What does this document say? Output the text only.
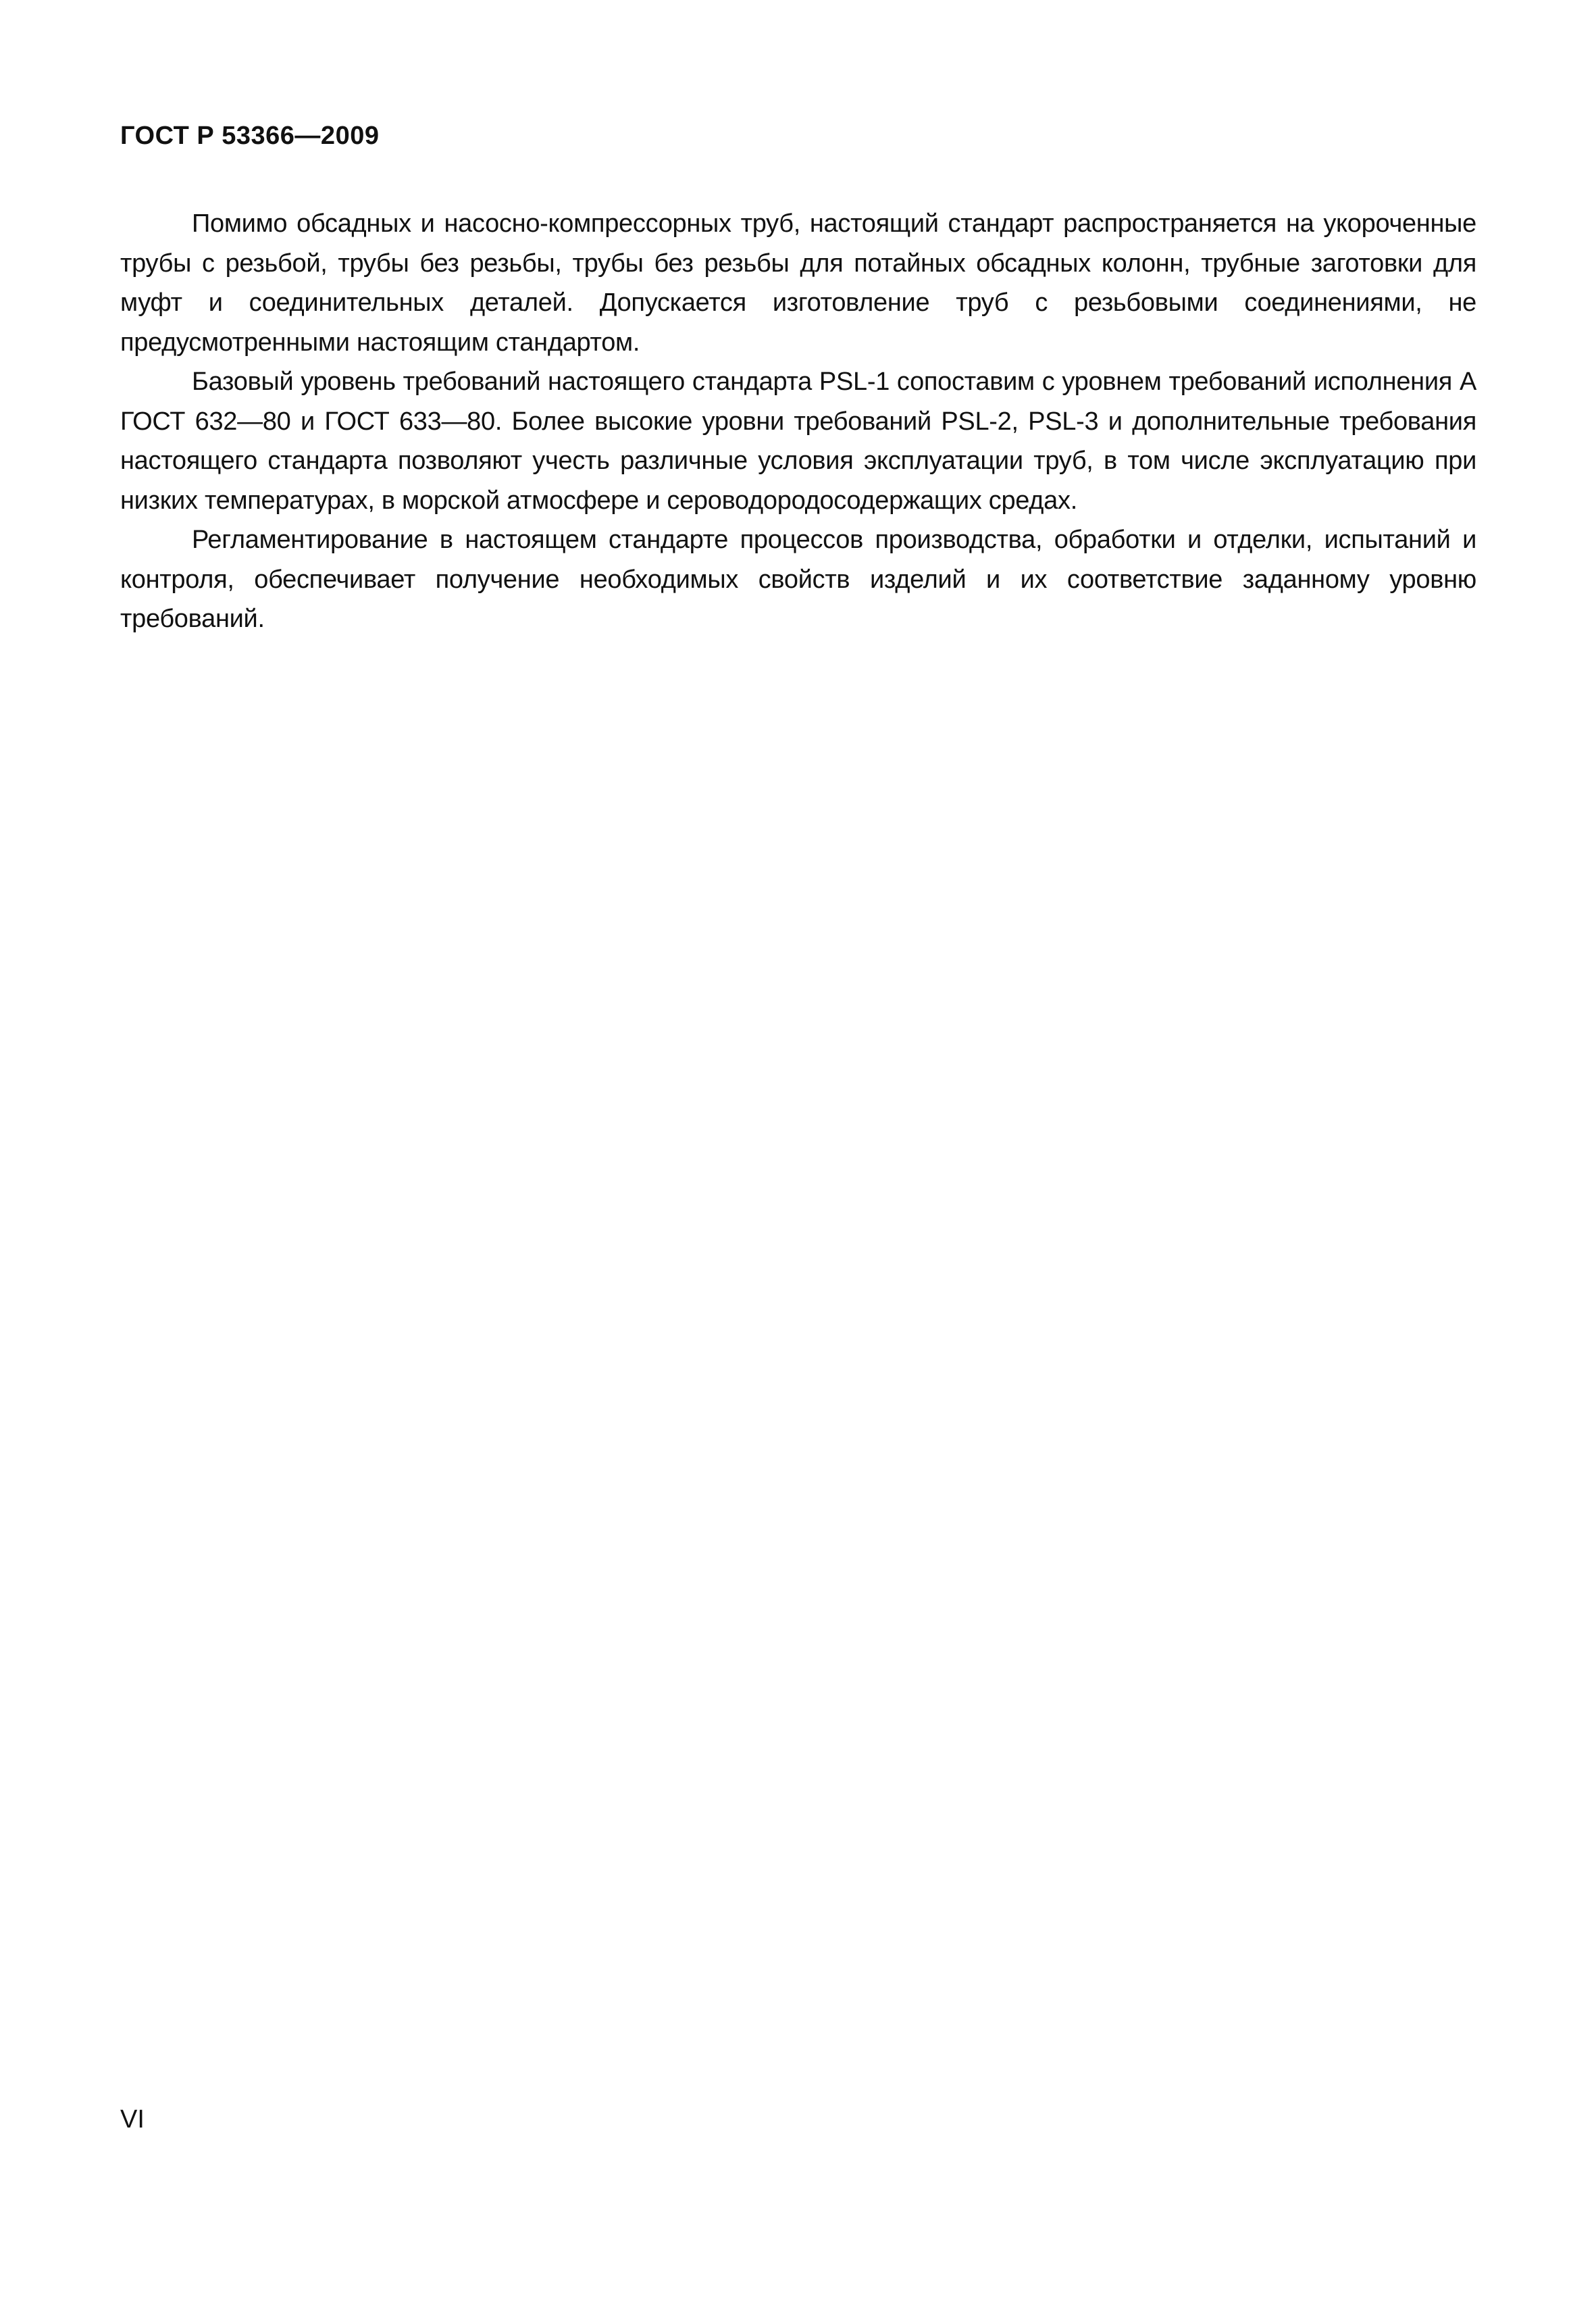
ГОСТ Р 53366—2009

Помимо обсадных и насосно-компрессорных труб, настоящий стандарт распространяется на укороченные трубы с резьбой, трубы без резьбы, трубы без резьбы для потайных обсадных колонн, трубные заготовки для муфт и соединительных деталей. Допускается изготовление труб с резьбовыми соединениями, не предусмотренными настоящим стандартом.

Базовый уровень требований настоящего стандарта PSL-1 сопоставим с уровнем требований исполнения А ГОСТ 632—80 и ГОСТ 633—80. Более высокие уровни требований PSL-2, PSL-3 и дополнительные требования настоящего стандарта позволяют учесть различные условия эксплуатации труб, в том числе эксплуатацию при низких температурах, в морской атмосфере и сероводородосодержащих средах.

Регламентирование в настоящем стандарте процессов производства, обработки и отделки, испытаний и контроля, обеспечивает получение необходимых свойств изделий и их соответствие заданному уровню требований.

VI
